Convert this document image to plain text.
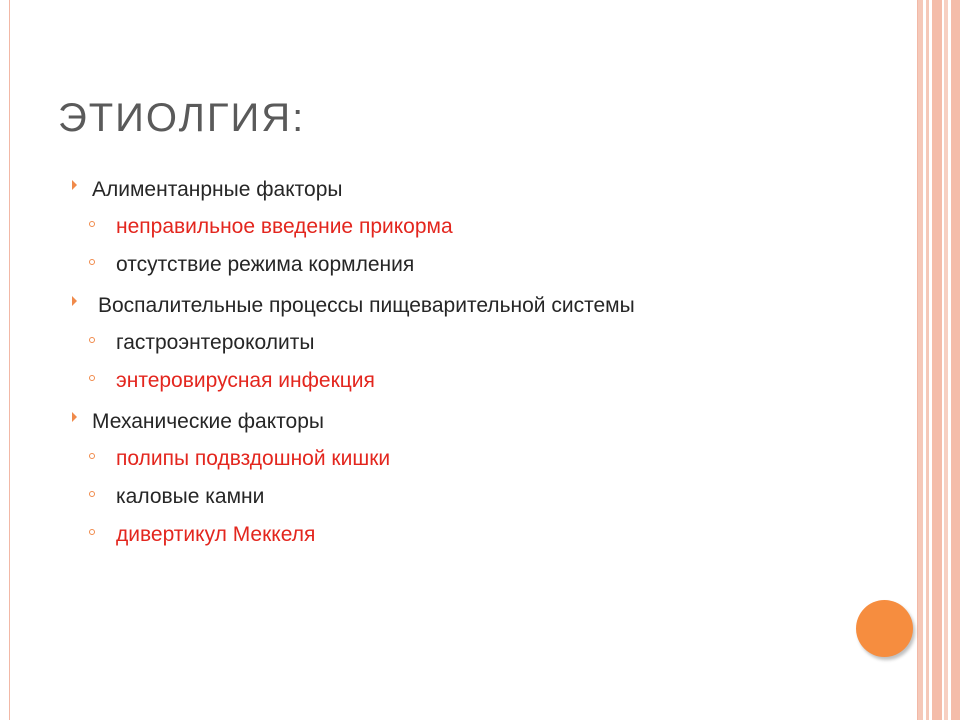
ЭТИОЛГИЯ:
Алиментанрные факторы
неправильное введение прикорма
отсутствие режима кормления
Воспалительные процессы пищеварительной системы
гастроэнтероколиты
энтеровирусная инфекция
Механические факторы
полипы подвздошной кишки
каловые камни
дивертикул Меккеля
